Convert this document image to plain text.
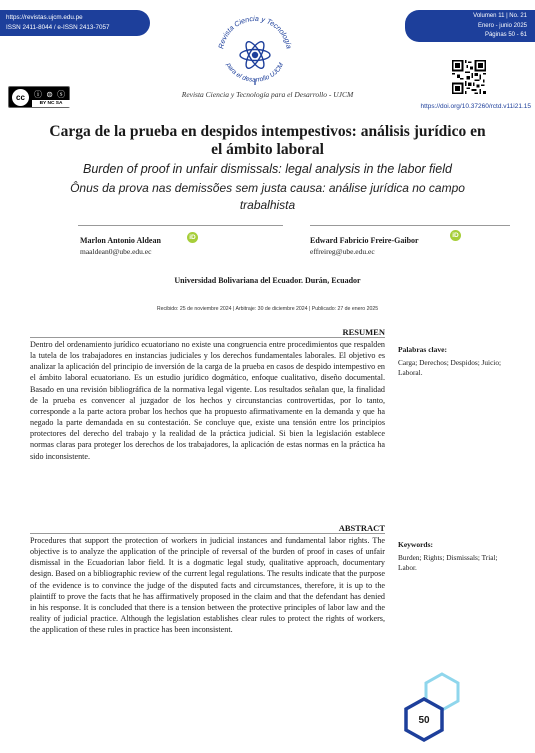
https://revistas.ujcm.edu.pe
ISSN 2411-8044 / e-ISSN 2413-7057
Volumen 11 | No. 21
Enero - junio 2025
Páginas 50 - 61
cc	ⓘ ⊜ ⓢ
BY NC SA
Revista Ciencia y Tecnología
para el desarrollo UJCM
Revista Ciencia y Tecnología para el Desarrollo - UJCM
https://doi.org/10.37260/rctd.v11i21.15
Carga de la prueba en despidos intempestivos: análisis jurídico en
el ámbito laboral
Burden of proof in unfair dismissals: legal analysis in the labor field
Ônus da prova nas demissões sem justa causa: análise jurídica no campo
trabalhista
Marlon Antonio Aldean	iD
maaldean0@ube.edu.ec
Edward Fabricio Freire-Gaibor
iD
effreireg@ube.edu.ec
Universidad Bolivariana del Ecuador. Durán, Ecuador
Recibido: 25 de noviembre 2024 | Arbitraje: 30 de diciembre 2024 | Publicado: 27 de enero 2025
RESUMEN
Dentro del ordenamiento jurídico ecuatoriano no existe una congruencia entre procedimientos que respalden la tutela de los trabajadores en instancias judiciales y los derechos fundamentales laborales. El objetivo es analizar la aplicación del principio de inversión de la carga de la prueba en casos de despido intempestivo en el ámbito laboral ecuatoriano. Es un estudio jurídico dogmático, enfoque cualitativo, diseño documental. Basado en una revisión bibliográfica de la normativa legal vigente. Los resultados señalan que, la finalidad de la prueba es convencer al juzgador de los hechos y circunstancias controvertidas, por lo tanto, corresponde a la parte actora probar los hechos que ha propuesto afirmativamente en la demanda y que ha negado la parte demandada en su contestación. Se concluye que, existe una tensión entre los principios protectores del derecho del trabajo y la realidad de la práctica judicial. Si bien la legislación establece normas claras para proteger los derechos de los trabajadores, la aplicación de estas normas en la práctica ha sido inconsistente.
Palabras clave:
Carga; Derechos; Despidos; Juicio; Laboral.
ABSTRACT
Procedures that support the protection of workers in judicial instances and fundamental labor rights. The objective is to analyze the application of the principle of reversal of the burden of proof in cases of unfair dismissal in the Ecuadorian labor field. It is a dogmatic legal study, qualitative approach, documentary design. Based on a bibliographic review of the current legal regulations. The results indicate that the purpose of the evidence is to convince the judge of the disputed facts and circumstances, therefore, it is up to the plaintiff to prove the facts that he has affirmatively proposed in the claim and that the defendant has denied in his response. It is concluded that there is a tension between the protective principles of labor law and the reality of judicial practice. Although the legislation establishes clear rules to protect the rights of workers, the application of these rules in practice has been inconsistent.
Keywords:
Burden; Rights; Dismissals; Trial; Labor.
50
